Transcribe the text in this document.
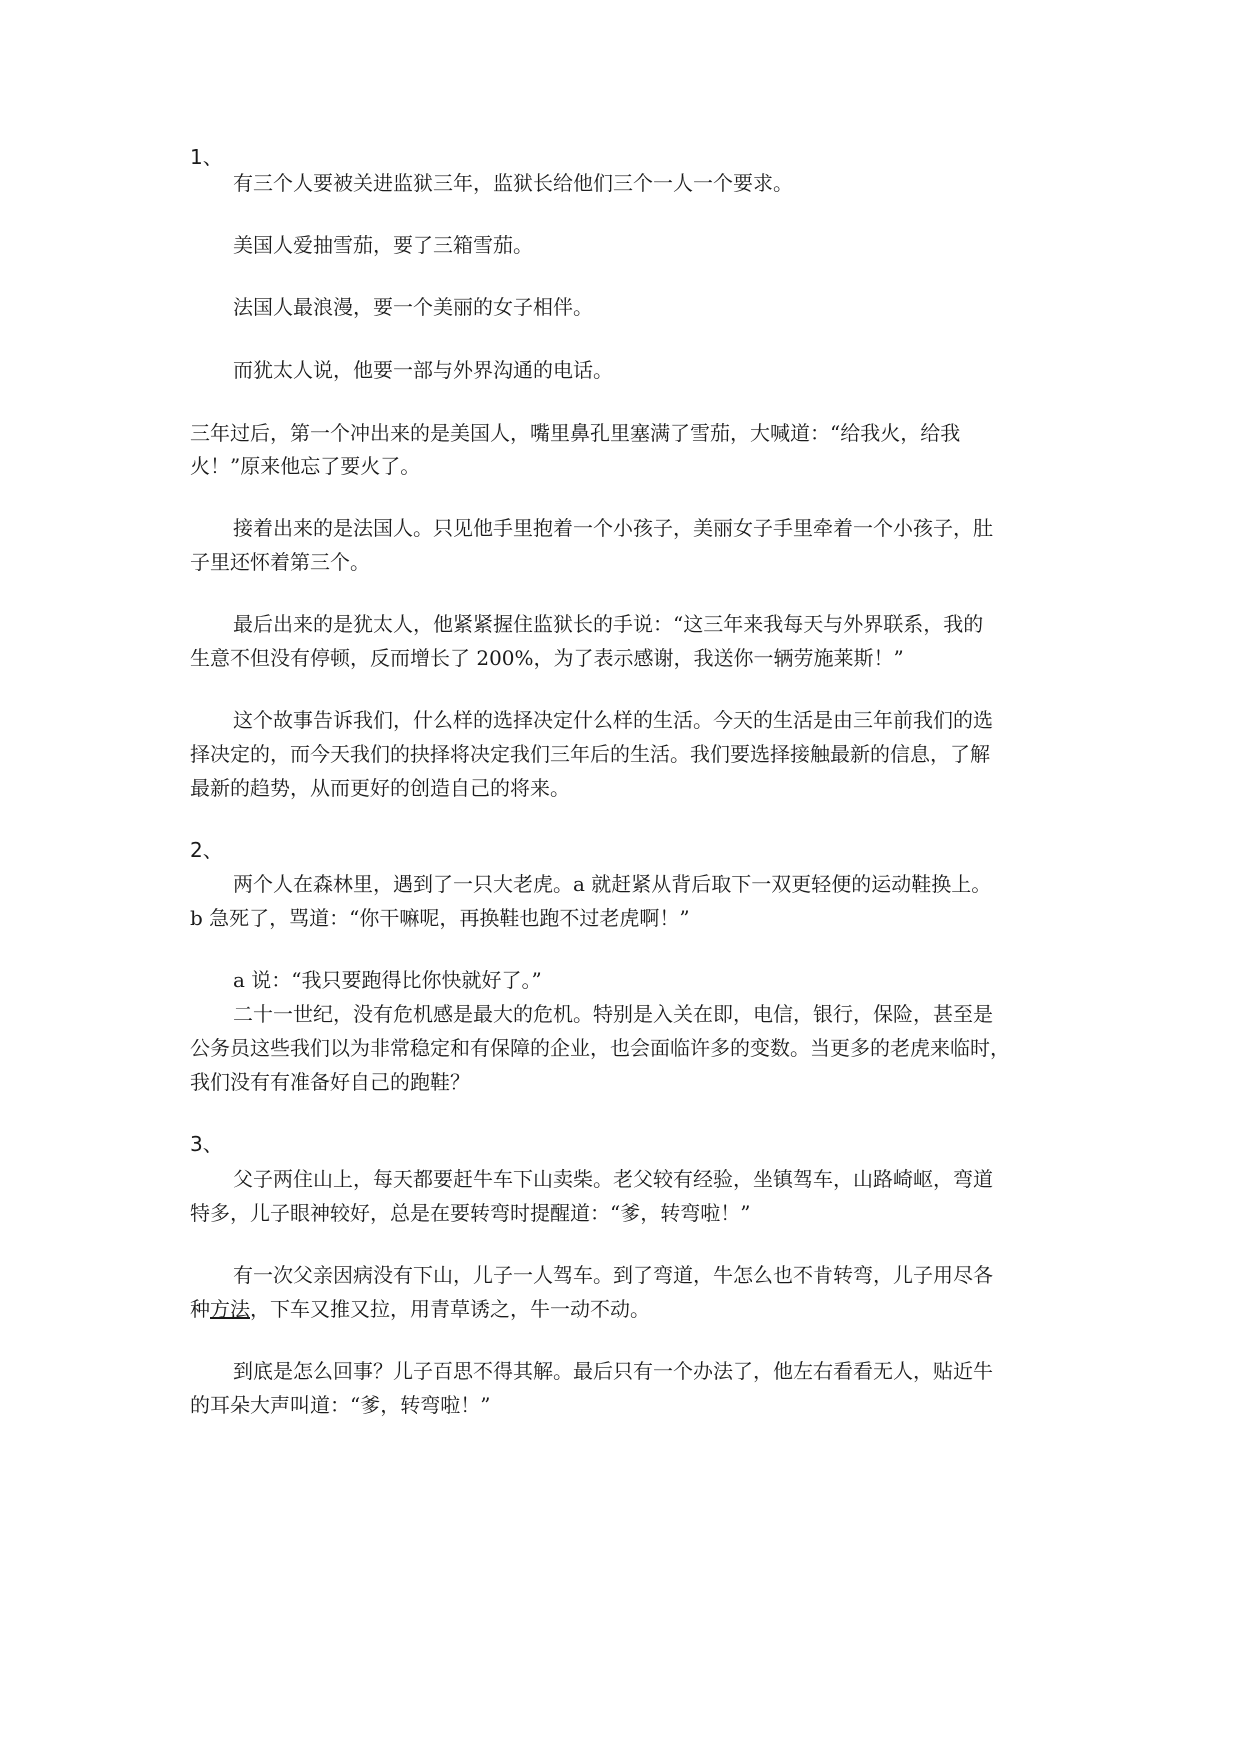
1、
有三个人要被关进监狱三年，监狱长给他们三个一人一个要求。
美国人爱抽雪茄，要了三箱雪茄。
法国人最浪漫，要一个美丽的女子相伴。
而犹太人说，他要一部与外界沟通的电话。
三年过后，第一个冲出来的是美国人，嘴里鼻孔里塞满了雪茄，大喊道：“给我火，给我
火！”原来他忘了要火了。
接着出来的是法国人。只见他手里抱着一个小孩子，美丽女子手里牵着一个小孩子，肚
子里还怀着第三个。
最后出来的是犹太人，他紧紧握住监狱长的手说：“这三年来我每天与外界联系，我的
生意不但没有停顿，反而增长了 200%，为了表示感谢，我送你一辆劳施莱斯！”
这个故事告诉我们，什么样的选择决定什么样的生活。今天的生活是由三年前我们的选
择决定的，而今天我们的抉择将决定我们三年后的生活。我们要选择接触最新的信息，了解
最新的趋势，从而更好的创造自己的将来。
2、
两个人在森林里，遇到了一只大老虎。a 就赶紧从背后取下一双更轻便的运动鞋换上。
b 急死了，骂道：“你干嘛呢，再换鞋也跑不过老虎啊！”
a 说：“我只要跑得比你快就好了。”
二十一世纪，没有危机感是最大的危机。特别是入关在即，电信，银行，保险，甚至是
公务员这些我们以为非常稳定和有保障的企业，也会面临许多的变数。当更多的老虎来临时，
我们没有有准备好自己的跑鞋？
3、
父子两住山上，每天都要赶牛车下山卖柴。老父较有经验，坐镇驾车，山路崎岖，弯道
特多，儿子眼神较好，总是在要转弯时提醒道：“爹，转弯啦！”
有一次父亲因病没有下山，儿子一人驾车。到了弯道，牛怎么也不肯转弯，儿子用尽各
种方法，下车又推又拉，用青草诱之，牛一动不动。
到底是怎么回事？儿子百思不得其解。最后只有一个办法了，他左右看看无人，贴近牛
的耳朵大声叫道：“爹，转弯啦！”
